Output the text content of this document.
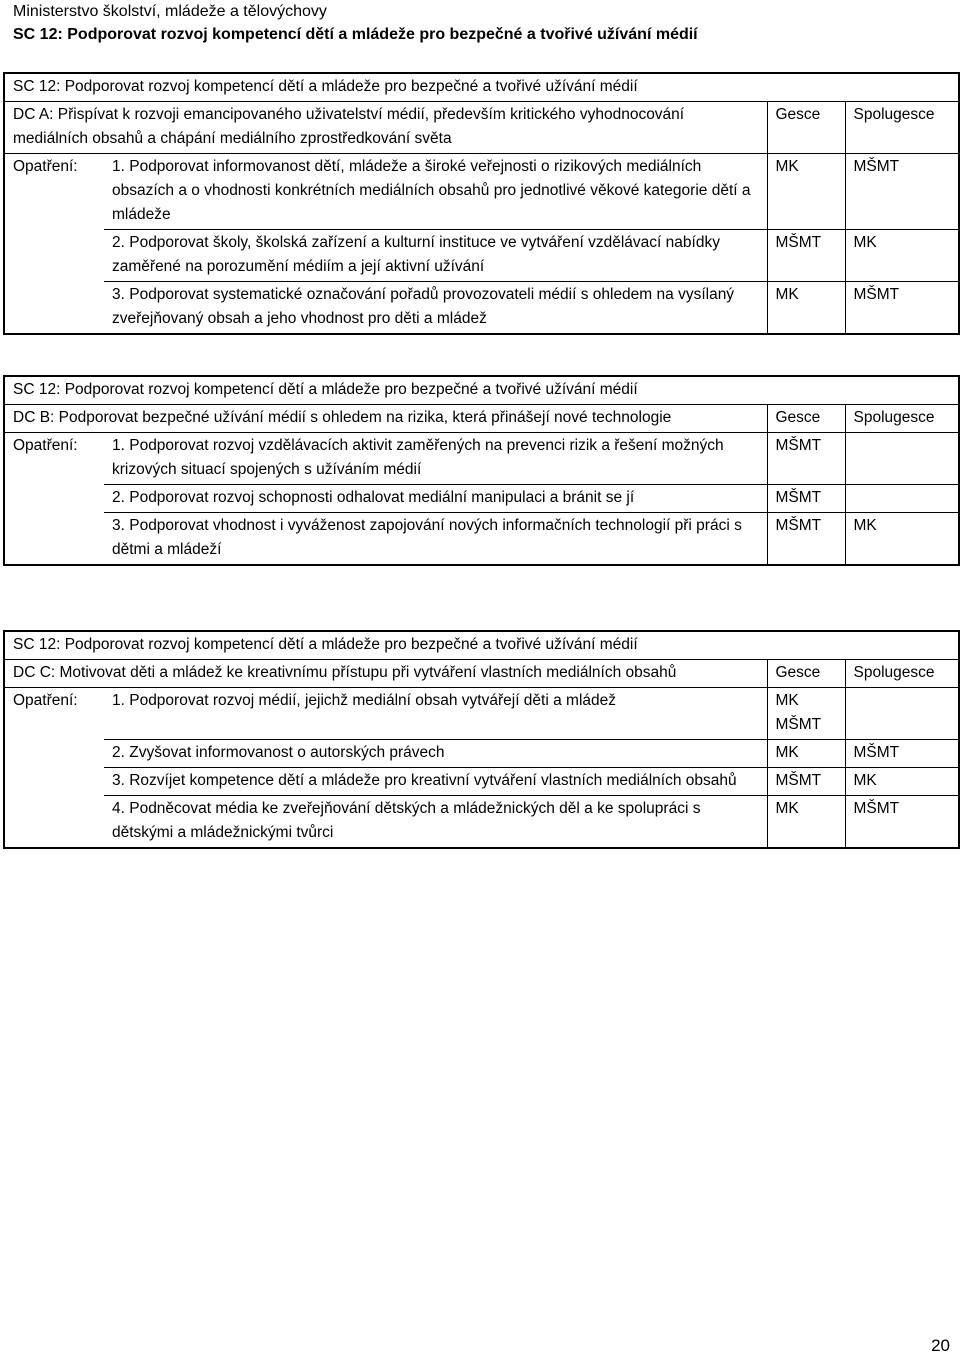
Ministerstvo školství, mládeže a tělovýchovy
SC 12: Podporovat rozvoj kompetencí dětí a mládeže pro bezpečné a tvořivé užívání médií
SC 12: Podporovat rozvoj kompetencí dětí a mládeže pro bezpečné a tvořivé užívání médií			
DC A: Přispívat k rozvoji emancipovaného uživatelství médií, především kritického vyhodnocování mediálních obsahů a chápání mediálního zprostředkování světa		Gesce	Spolugesce
Opatření:	1. Podporovat informovanost dětí, mládeže a široké veřejnosti o rizikových mediálních obsazích a o vhodnosti konkrétních mediálních obsahů pro jednotlivé věkové kategorie dětí a mládeže	MK	MŠMT
	2. Podporovat školy, školská zařízení a kulturní instituce ve vytváření vzdělávací nabídky zaměřené na porozumění médiím a její aktivní užívání	MŠMT	MK
	3. Podporovat systematické označování pořadů provozovateli médií s ohledem na vysílaný zveřejňovaný obsah a jeho vhodnost pro děti a mládež	MK	MŠMT
SC 12: Podporovat rozvoj kompetencí dětí a mládeže pro bezpečné a tvořivé užívání médií			
DC B: Podporovat bezpečné užívání médií s ohledem na rizika, která přinášejí nové technologie		Gesce	Spolugesce
Opatření:	1. Podporovat rozvoj vzdělávacích aktivit zaměřených na prevenci rizik a řešení možných krizových situací spojených s užíváním médií	MŠMT	
	2. Podporovat rozvoj schopnosti odhalovat mediální manipulaci a bránit se jí	MŠMT	
	3. Podporovat vhodnost i vyváženost zapojování nových informačních technologií při práci s dětmi a mládeží	MŠMT	MK
SC 12: Podporovat rozvoj kompetencí dětí a mládeže pro bezpečné a tvořivé užívání médií			
DC C: Motivovat děti a mládež ke kreativnímu přístupu při vytváření vlastních mediálních obsahů		Gesce	Spolugesce
Opatření:	1. Podporovat rozvoj médií, jejichž mediální obsah vytvářejí děti a mládež	MK MŠMT	
	2. Zvyšovat informovanost o autorských právech	MK	MŠMT
	3. Rozvíjet kompetence dětí a mládeže pro kreativní vytváření vlastních mediálních obsahů	MŠMT	MK
	4. Podněcovat média ke zveřejňování dětských a mládežnických děl a ke spolupráci s dětskými a mládežnickými tvůrci	MK	MŠMT
20
